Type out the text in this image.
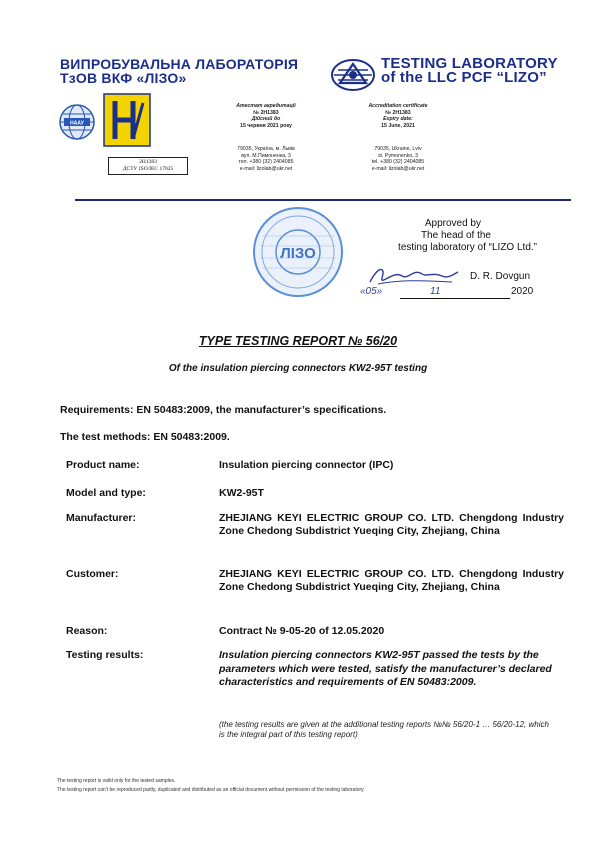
ВИПРОБУВАЛЬНА ЛАБОРАТОРІЯ
ТзОВ ВКФ «ЛІЗО»
TESTING LABORATORY
of the LLC PCF “LIZO”
НААУ
2H1383
ДСТУ ISO/IEC 17025
Атестат акредитації
№ 2H1383
Дійсний до
15 червня 2021 року
Accreditation certificate
№ 2H1383
Expiry date:
15 June, 2021
79035, Україна, м. Львів
вул. М.Пимоненка, 3
тел. +380 (32) 2404085
e-mail: lizolab@ukr.net
79035, Ukraine, Lviv
st. Pymonenko, 3
tel. +380 (32) 2404085
e-mail: lizolab@ukr.net
ЛІЗО
Approved by
The head of the
testing laboratory of “LIZO Ltd.”
D. R. Dovgun
«05»	11	2020
TYPE TESTING REPORT № 56/20
Of the insulation piercing connectors KW2-95T testing
Requirements: EN 50483:2009, the manufacturer’s specifications.
The test methods: EN 50483:2009.
Product name:	Insulation piercing connector (IPC)
Model and type:	KW2-95T
Manufacturer:	ZHEJIANG KEYI ELECTRIC GROUP CO. LTD. Chengdong Industry Zone Chedong Subdistrict Yueqing City, Zhejiang, China
Customer:	ZHEJIANG KEYI ELECTRIC GROUP CO. LTD. Chengdong Industry Zone Chedong Subdistrict Yueqing City, Zhejiang, China
Reason:	Contract № 9-05-20 of 12.05.2020
Testing results:	Insulation piercing connectors KW2-95T passed the tests by the parameters which were tested, satisfy the manufacturer’s declared characteristics and requirements of EN 50483:2009.
(the testing results are given at the additional testing reports №№ 56/20-1 … 56/20-12, which is the integral part of this testing report)
The testing report is valid only for the tested samples.
The testing report can’t be reproduced partly, duplicated and distributed as an official document without permission of the testing laboratory.
